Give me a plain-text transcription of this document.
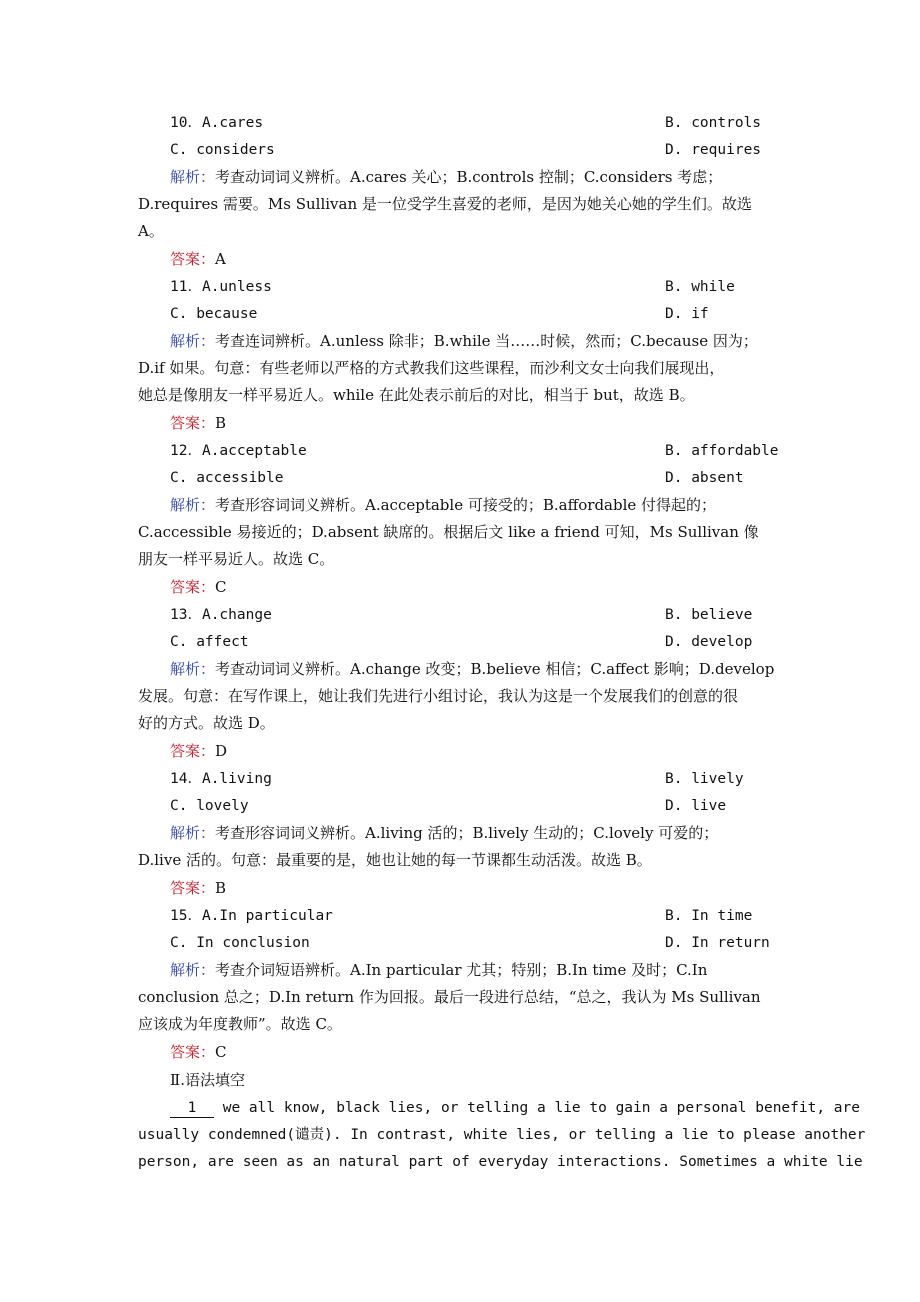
10．A.cares	B. controls
C. considers	D. requires
解析：考查动词词义辨析。A.cares 关心；B.controls 控制；C.considers 考虑；
D.requires 需要。Ms Sullivan 是一位受学生喜爱的老师，是因为她关心她的学生们。故选
A。
答案：A
11．A.unless	B. while
C. because	D. if
解析：考查连词辨析。A.unless 除非；B.while 当……时候，然而；C.because 因为；
D.if 如果。句意：有些老师以严格的方式教我们这些课程，而沙利文女士向我们展现出，
她总是像朋友一样平易近人。while 在此处表示前后的对比，相当于 but，故选 B。
答案：B
12．A.acceptable	B. affordable
C. accessible	D. absent
解析：考查形容词词义辨析。A.acceptable 可接受的；B.affordable 付得起的；
C.accessible 易接近的；D.absent 缺席的。根据后文 like a friend 可知，Ms Sullivan 像
朋友一样平易近人。故选 C。
答案：C
13．A.change	B. believe
C. affect	D. develop
解析：考查动词词义辨析。A.change 改变；B.believe 相信；C.affect 影响；D.develop
发展。句意：在写作课上，她让我们先进行小组讨论，我认为这是一个发展我们的创意的很
好的方式。故选 D。
答案：D
14．A.living	B. lively
C. lovely	D. live
解析：考查形容词词义辨析。A.living 活的；B.lively 生动的；C.lovely 可爱的；
D.live 活的。句意：最重要的是，她也让她的每一节课都生动活泼。故选 B。
答案：B
15．A.In particular	B. In time
C. In conclusion	D. In return
解析：考查介词短语辨析。A.In particular 尤其；特别；B.In time 及时；C.In
conclusion 总之；D.In return 作为回报。最后一段进行总结，“总之，我认为 Ms Sullivan
应该成为年度教师”。故选 C。
答案：C
Ⅱ.语法填空
1 we all know, black lies, or telling a lie to gain a personal benefit, are
usually condemned(谴责). In contrast, white lies, or telling a lie to please another
person, are seen as an natural part of everyday interactions. Sometimes a white lie
